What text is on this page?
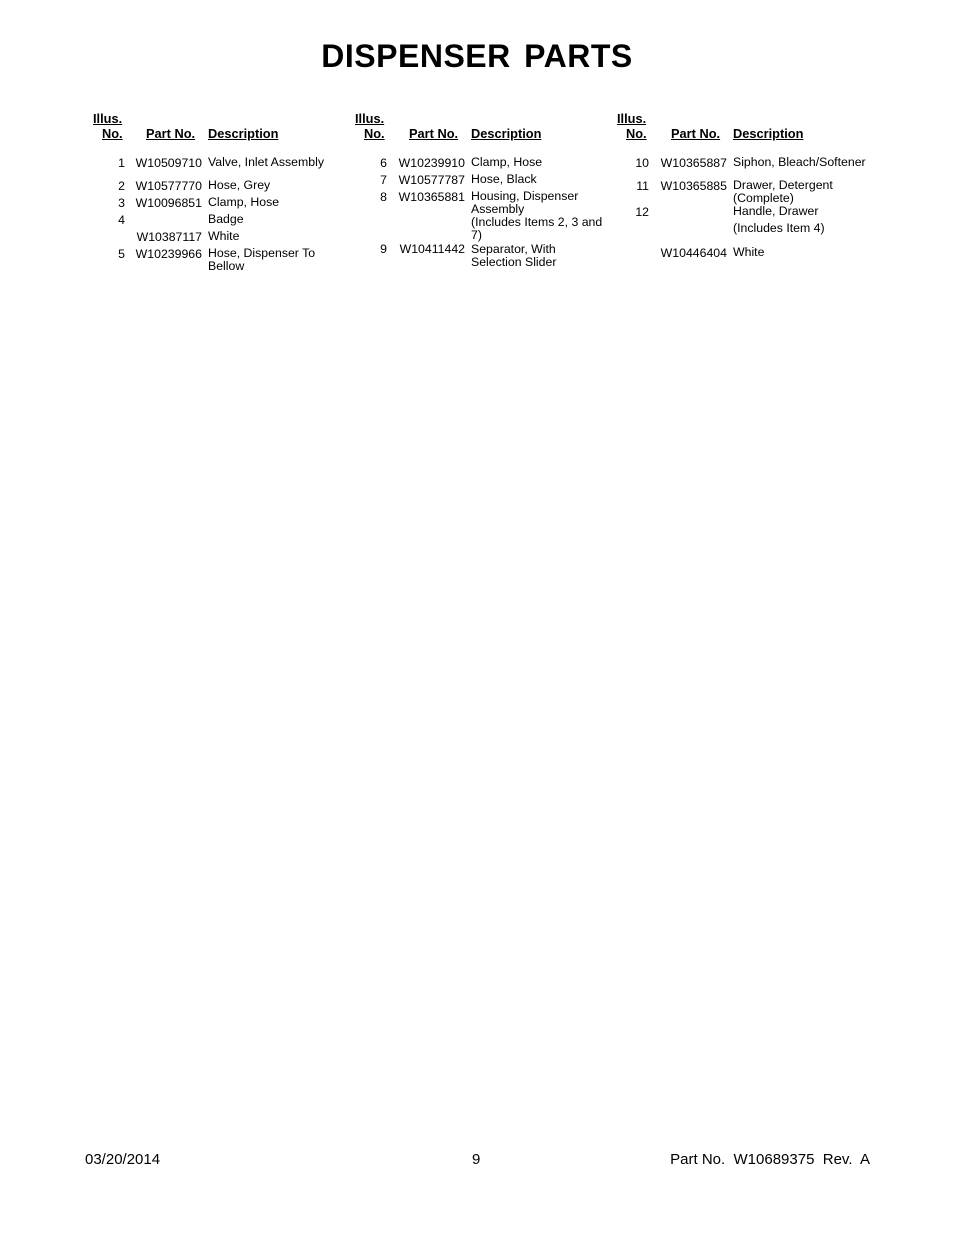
DISPENSER PARTS
Illus.
No. Part No. Description
1 W10509710 Valve, Inlet Assembly
2 W10577770 Hose, Grey
3 W10096851 Clamp, Hose
4	Badge
W10387117 White
5 W10239966 Hose, Dispenser To
Bellow
Illus.
No. Part No. Description
6 W10239910 Clamp, Hose
7 W10577787 Hose, Black
8 W10365881 Housing, Dispenser
Assembly
(Includes Items 2, 3 and
7)
9 W10411442 Separator, With
Selection Slider
Illus.
No. Part No. Description
10 W10365887 Siphon, Bleach/Softener
11 W10365885 Drawer, Detergent
(Complete)
12	Handle, Drawer
(Includes Item 4)
W10446404 White
03/20/2014	9	Part No.  W10689375  Rev.  A
